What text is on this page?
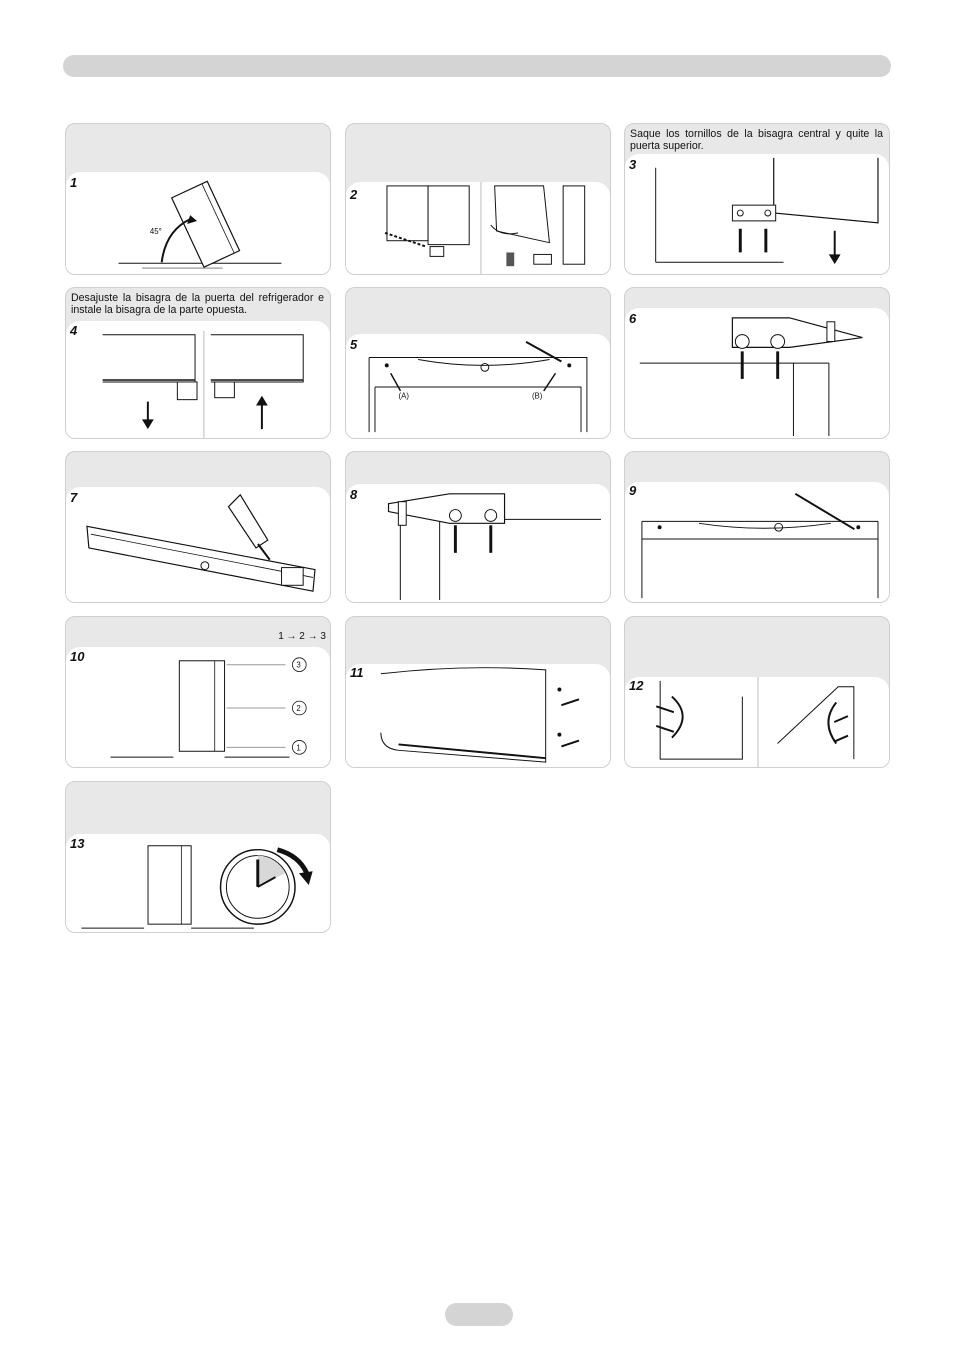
45°
1
2
Saque los tornillos de la bisagra central y quite la puerta superior.
3
Desajuste la bisagra de la puerta del refrigerador e instale la bisagra de la parte opuesta.
4
(A)	(B)
5
6
7	8	9
1 → 2 → 3
3
2
1
10
11
12
13
